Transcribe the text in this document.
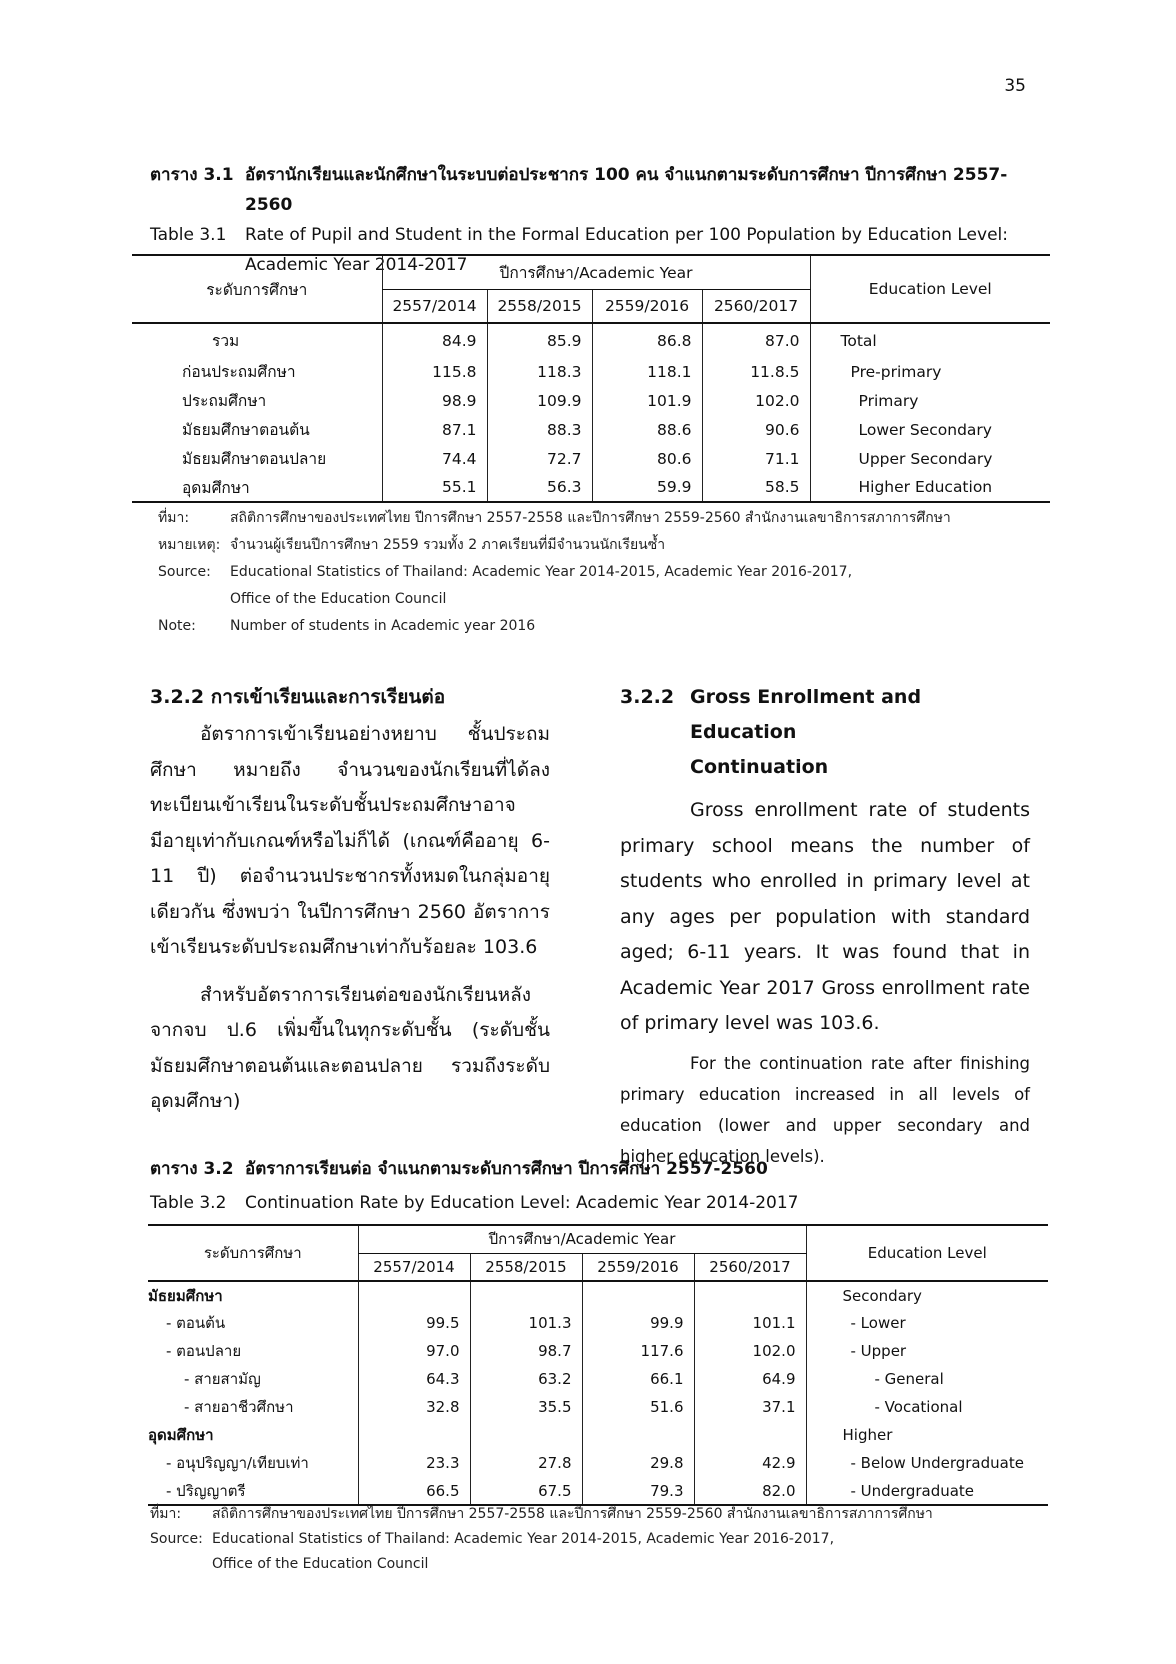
35
ตาราง 3.1 อัตรานักเรียนและนักศึกษาในระบบต่อประชากร 100 คน จำแนกตามระดับการศึกษา ปีการศึกษา 2557-2560
Table 3.1	Rate of Pupil and Student in the Formal Education per 100 Population by Education Level:
Academic Year 2014-2017
ระดับการศึกษา	ปีการศึกษา/Academic Year				Education Level
	2557/2014	2558/2015	2559/2016	2560/2017	
รวม	84.9	85.9	86.8	87.0	Total
ก่อนประถมศึกษา	115.8	118.3	118.1	11.8.5	Pre-primary
ประถมศึกษา	98.9	109.9	101.9	102.0	Primary
มัธยมศึกษาตอนต้น	87.1	88.3	88.6	90.6	Lower Secondary
มัธยมศึกษาตอนปลาย	74.4	72.7	80.6	71.1	Upper Secondary
อุดมศึกษา	55.1	56.3	59.9	58.5	Higher Education
ที่มา:	สถิติการศึกษาของประเทศไทย ปีการศึกษา 2557-2558 และปีการศึกษา 2559-2560 สำนักงานเลขาธิการสภาการศึกษา
หมายเหตุ: จำนวนผู้เรียนปีการศึกษา 2559 รวมทั้ง 2 ภาคเรียนที่มีจำนวนนักเรียนซ้ำ
Source:	Educational Statistics of Thailand: Academic Year 2014-2015, Academic Year 2016-2017,
Office of the Education Council
Note:	Number of students in Academic year 2016
3.2.2 การเข้าเรียนและการเรียนต่อ

อัตราการเข้าเรียนอย่างหยาบ ชั้นประถมศึกษา หมายถึง จำนวนของนักเรียนที่ได้ลงทะเบียนเข้าเรียนในระดับชั้นประถมศึกษาอาจมีอายุเท่ากับเกณฑ์หรือไม่ก็ได้ (เกณฑ์คืออายุ 6-11 ปี) ต่อจำนวนประชากรทั้งหมดในกลุ่มอายุเดียวกัน ซึ่งพบว่า ในปีการศึกษา 2560 อัตราการเข้าเรียนระดับประถมศึกษาเท่ากับร้อยละ 103.6

สำหรับอัตราการเรียนต่อของนักเรียนหลังจากจบ ป.6 เพิ่มขึ้นในทุกระดับชั้น (ระดับชั้นมัธยมศึกษาตอนต้นและตอนปลาย รวมถึงระดับอุดมศึกษา)

3.2.2 Gross Enrollment and Education
Continuation

Gross enrollment rate of students primary school means the number of students who enrolled in primary level at any ages per population with standard aged; 6-11 years. It was found that in Academic Year 2017 Gross enrollment rate of primary level was 103.6.

For the continuation rate after finishing primary education increased in all levels of education (lower and upper secondary and higher education levels).

ตาราง 3.2 อัตราการเรียนต่อ จำแนกตามระดับการศึกษา ปีการศึกษา 2557-2560
Table 3.2	Continuation Rate by Education Level: Academic Year 2014-2017
ระดับการศึกษา	ปีการศึกษา/Academic Year				Education Level
	2557/2014	2558/2015	2559/2016	2560/2017	
มัธยมศึกษา					Secondary
- ตอนต้น	99.5	101.3	99.9	101.1	- Lower
- ตอนปลาย	97.0	98.7	117.6	102.0	- Upper
- สายสามัญ	64.3	63.2	66.1	64.9	- General
- สายอาชีวศึกษา	32.8	35.5	51.6	37.1	- Vocational
อุดมศึกษา					Higher
- อนุปริญญา/เทียบเท่า	23.3	27.8	29.8	42.9	- Below Undergraduate
- ปริญญาตรี	66.5	67.5	79.3	82.0	- Undergraduate
ที่มา:	สถิติการศึกษาของประเทศไทย ปีการศึกษา 2557-2558 และปีการศึกษา 2559-2560 สำนักงานเลขาธิการสภาการศึกษา
Source: Educational Statistics of Thailand: Academic Year 2014-2015, Academic Year 2016-2017,
Office of the Education Council
